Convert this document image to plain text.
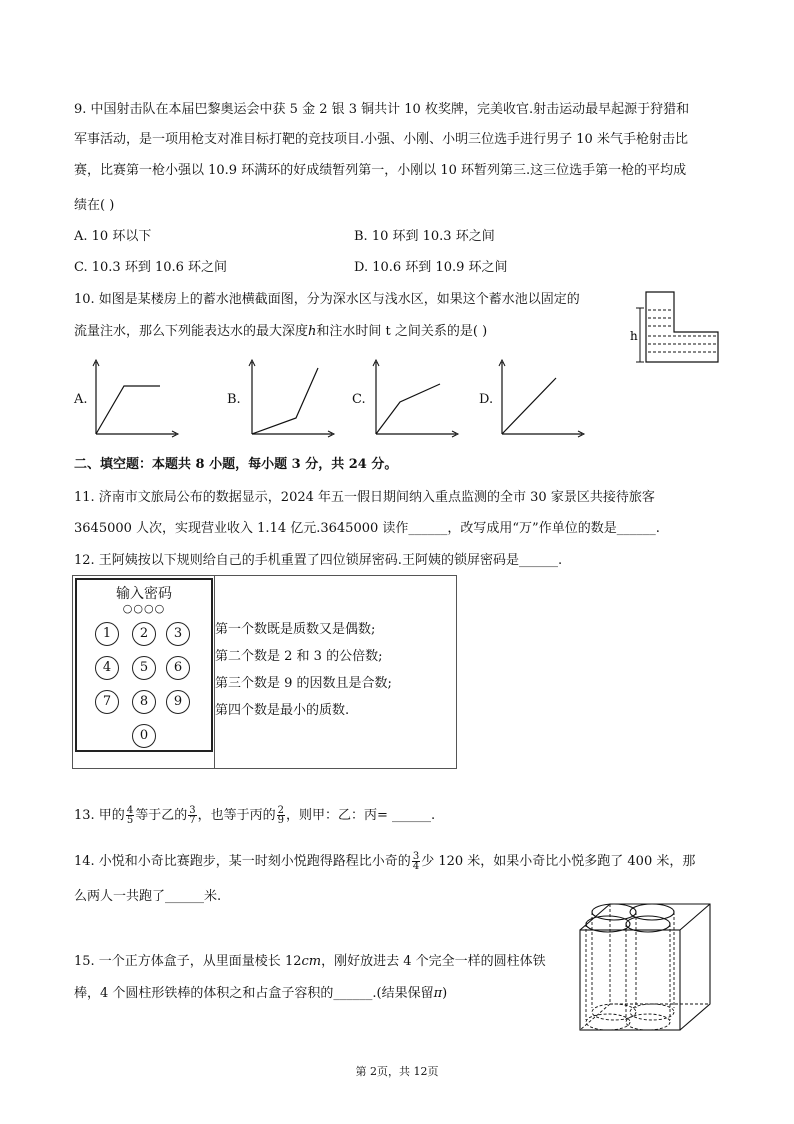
9. 中国射击队在本届巴黎奥运会中获 5 金 2 银 3 铜共计 10 枚奖牌，完美收官.射击运动最早起源于狩猎和
军事活动，是一项用枪支对准目标打靶的竞技项目.小强、小刚、小明三位选手进行男子 10 米气手枪射击比
赛，比赛第一枪小强以 10.9 环满环的好成绩暂列第一，小刚以 10 环暂列第三.这三位选手第一枪的平均成
绩在( )
A. 10 环以下	B. 10 环到 10.3 环之间
C. 10.3 环到 10.6 环之间	D. 10.6 环到 10.9 环之间
10. 如图是某楼房上的蓄水池横截面图，分为深水区与浅水区，如果这个蓄水池以固定的
流量注水，那么下列能表达水的最大深度h和注水时间 t 之间关系的是( )	h
A.	B.	C.	D.
二、填空题：本题共 8 小题，每小题 3 分，共 24 分。
11. 济南市文旅局公布的数据显示，2024 年五一假日期间纳入重点监测的全市 30 家景区共接待旅客
3645000 人次，实现营业收入 1.14 亿元.3645000 读作______，改写成用“万”作单位的数是______.
12. 王阿姨按以下规则给自己的手机重置了四位锁屏密码.王阿姨的锁屏密码是______.
输入密码
○○○○
1	2	3
4	5	6
7	8	9
0
第一个数既是质数又是偶数;
第二个数是 2 和 3 的公倍数;
第三个数是 9 的因数且是合数;
第四个数是最小的质数.
13. 甲的 $\frac{4}{5}$ 等于乙的 $\frac{3}{7}$ ，也等于丙的 $\frac{2}{9}$ ，则甲：乙：丙= ______.
14. 小悦和小奇比赛跑步，某一时刻小悦跑得路程比小奇的 $\frac{3}{4}$ 少 120 米，如果小奇比小悦多跑了 400 米，那
么两人一共跑了______米.
15. 一个正方体盒子，从里面量棱长 12cm，刚好放进去 4 个完全一样的圆柱体铁
棒，4 个圆柱形铁棒的体积之和占盒子容积的______.(结果保留π)
第 2页，共 12页
